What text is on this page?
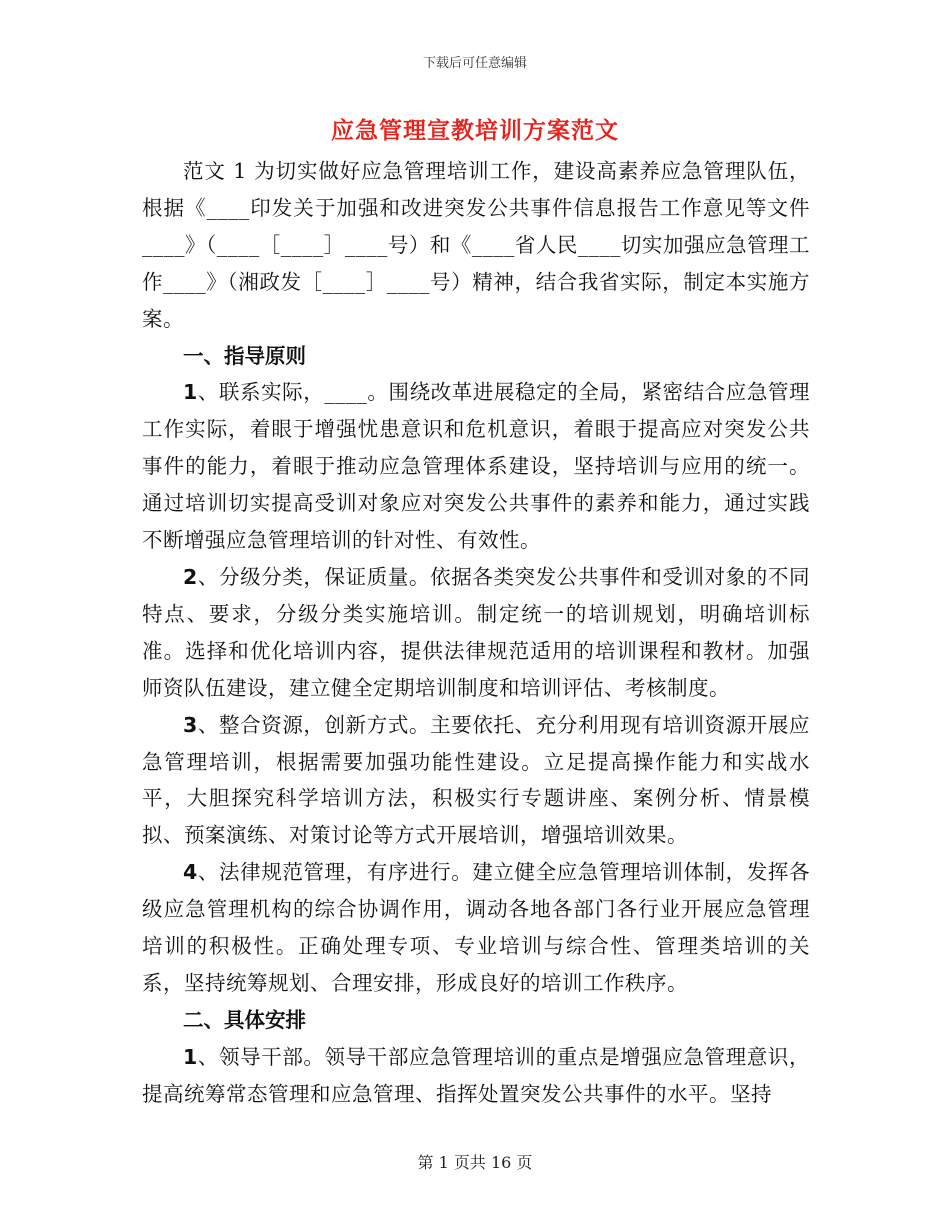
下载后可任意编辑
应急管理宣教培训方案范文

范文 1 为切实做好应急管理培训工作，建设高素养应急管理队伍，根据《____印发关于加强和改进突发公共事件信息报告工作意见等文件____》（____［____］____号）和《____省人民____切实加强应急管理工作____》（湘政发［____］____号）精神，结合我省实际，制定本实施方案。

一、指导原则

1、联系实际，____。围绕改革进展稳定的全局，紧密结合应急管理工作实际，着眼于增强忧患意识和危机意识，着眼于提高应对突发公共事件的能力，着眼于推动应急管理体系建设，坚持培训与应用的统一。通过培训切实提高受训对象应对突发公共事件的素养和能力，通过实践不断增强应急管理培训的针对性、有效性。

2、分级分类，保证质量。依据各类突发公共事件和受训对象的不同特点、要求，分级分类实施培训。制定统一的培训规划，明确培训标准。选择和优化培训内容，提供法律规范适用的培训课程和教材。加强师资队伍建设，建立健全定期培训制度和培训评估、考核制度。

3、整合资源，创新方式。主要依托、充分利用现有培训资源开展应急管理培训，根据需要加强功能性建设。立足提高操作能力和实战水平，大胆探究科学培训方法，积极实行专题讲座、案例分析、情景模拟、预案演练、对策讨论等方式开展培训，增强培训效果。

4、法律规范管理，有序进行。建立健全应急管理培训体制，发挥各级应急管理机构的综合协调作用，调动各地各部门各行业开展应急管理培训的积极性。正确处理专项、专业培训与综合性、管理类培训的关系，坚持统筹规划、合理安排，形成良好的培训工作秩序。

二、具体安排

1、领导干部。领导干部应急管理培训的重点是增强应急管理意识，提高统筹常态管理和应急管理、指挥处置突发公共事件的水平。坚持

第 1 页共 16 页
